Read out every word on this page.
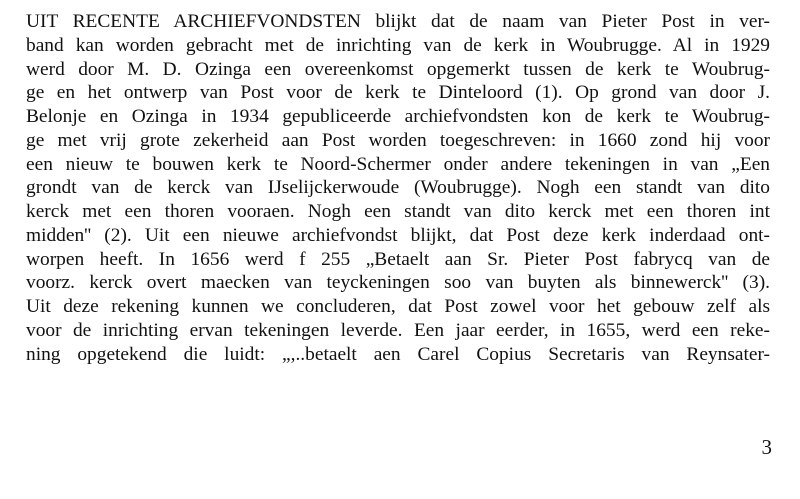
UIT RECENTE ARCHIEFVONDSTEN blijkt dat de naam van Pieter Post in ver-
band kan worden gebracht met de inrichting van de kerk in Woubrugge. Al in 1929
werd door M. D. Ozinga een overeenkomst opgemerkt tussen de kerk te Woubrug-
ge en het ontwerp van Post voor de kerk te Dinteloord (1). Op grond van door J.
Belonje en Ozinga in 1934 gepubliceerde archiefvondsten kon de kerk te Woubrug-
ge met vrij grote zekerheid aan Post worden toegeschreven: in 1660 zond hij voor
een nieuw te bouwen kerk te Noord-Schermer onder andere tekeningen in van „Een
grondt van de kerck van IJselijckerwoude (Woubrugge). Nogh een standt van dito
kerck met een thoren vooraen. Nogh een standt van dito kerck met een thoren int
midden'' (2). Uit een nieuwe archiefvondst blijkt, dat Post deze kerk inderdaad ont-
worpen heeft. In 1656 werd f 255 „Betaelt aan Sr. Pieter Post fabrycq van de
voorz. kerck overt maecken van teyckeningen soo van buyten als binnewerck'' (3).
Uit deze rekening kunnen we concluderen, dat Post zowel voor het gebouw zelf als
voor de inrichting ervan tekeningen leverde. Een jaar eerder, in 1655, werd een reke-
ning opgetekend die luidt: „,..betaelt aen Carel Copius Secretaris van Reynsater-
3
